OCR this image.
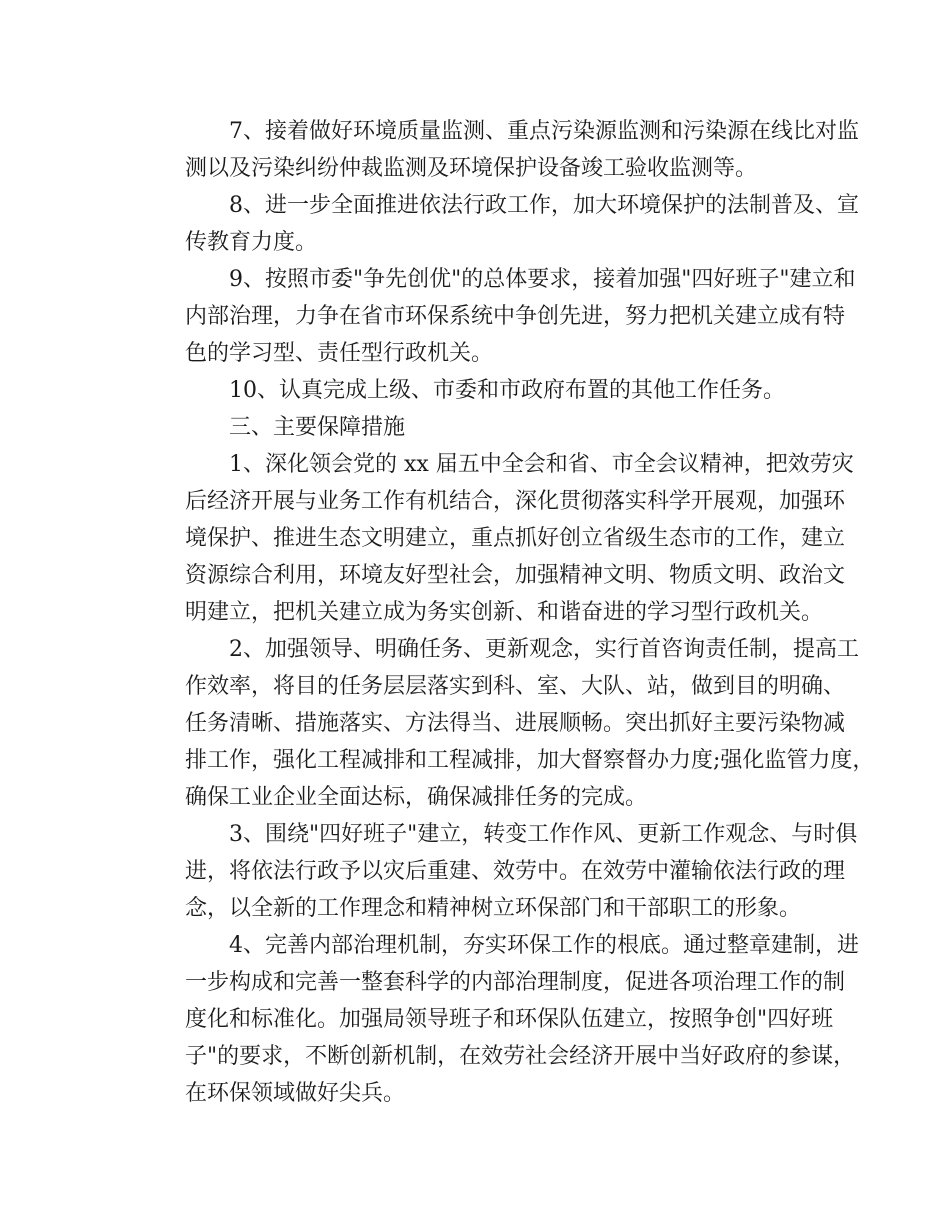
7、接着做好环境质量监测、重点污染源监测和污染源在线比对监
测以及污染纠纷仲裁监测及环境保护设备竣工验收监测等。

8、进一步全面推进依法行政工作，加大环境保护的法制普及、宣
传教育力度。

9、按照市委"争先创优"的总体要求，接着加强"四好班子"建立和
内部治理，力争在省市环保系统中争创先进，努力把机关建立成有特
色的学习型、责任型行政机关。

10、认真完成上级、市委和市政府布置的其他工作任务。

三、主要保障措施

1、深化领会党的 xx 届五中全会和省、市全会议精神，把效劳灾
后经济开展与业务工作有机结合，深化贯彻落实科学开展观，加强环
境保护、推进生态文明建立，重点抓好创立省级生态市的工作，建立
资源综合利用，环境友好型社会，加强精神文明、物质文明、政治文
明建立，把机关建立成为务实创新、和谐奋进的学习型行政机关。

2、加强领导、明确任务、更新观念，实行首咨询责任制，提高工
作效率，将目的任务层层落实到科、室、大队、站，做到目的明确、
任务清晰、措施落实、方法得当、进展顺畅。突出抓好主要污染物减
排工作，强化工程减排和工程减排，加大督察督办力度;强化监管力度，
确保工业企业全面达标，确保减排任务的完成。

3、围绕"四好班子"建立，转变工作作风、更新工作观念、与时俱
进，将依法行政予以灾后重建、效劳中。在效劳中灌输依法行政的理
念，以全新的工作理念和精神树立环保部门和干部职工的形象。

4、完善内部治理机制，夯实环保工作的根底。通过整章建制，进
一步构成和完善一整套科学的内部治理制度，促进各项治理工作的制
度化和标准化。加强局领导班子和环保队伍建立，按照争创"四好班
子"的要求，不断创新机制，在效劳社会经济开展中当好政府的参谋，
在环保领域做好尖兵。
